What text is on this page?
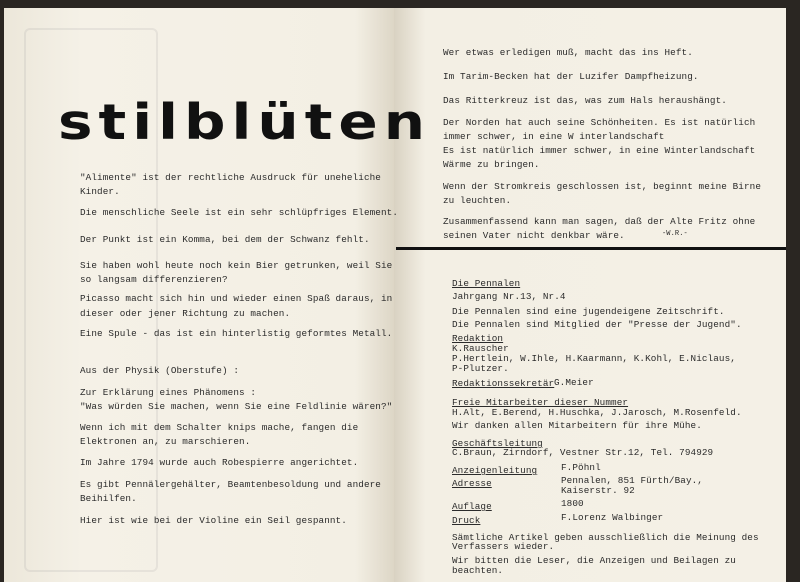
stilblüten
"Alimente" ist der rechtliche Ausdruck für uneheliche
Kinder.
Die menschliche Seele ist ein sehr schlüpfriges Element.
Der Punkt ist ein Komma, bei dem der Schwanz fehlt.
Sie haben wohl heute noch kein Bier getrunken, weil Sie
so langsam differenzieren?
Picasso macht sich hin und wieder einen Spaß daraus, in
dieser oder jener Richtung zu machen.
Eine Spule - das ist ein hinterlistig geformtes Metall.
Aus der Physik (Oberstufe) :
Zur Erklärung eines Phänomens :
"Was würden Sie machen, wenn Sie eine Feldlinie wären?"
Wenn ich mit dem Schalter knips mache, fangen die
Elektronen an, zu marschieren.
Im Jahre 1794 wurde auch Robespierre angerichtet.
Es gibt Pennälergehälter, Beamtenbesoldung und andere
Beihilfen.
Hier ist wie bei der Violine ein Seil gespannt.
Wer etwas erledigen muß, macht das ins Heft.
Im Tarim-Becken hat der Luzifer Dampfheizung.
Das Ritterkreuz ist das, was zum Hals heraushängt.
Der Norden hat auch seine Schönheiten. Es ist natürlich
immer schwer, in eine W interlandschaft
Es ist natürlich immer schwer, in eine Winterlandschaft
Wärme zu bringen.
Wenn der Stromkreis geschlossen ist, beginnt meine Birne
zu leuchten.
Zusammenfassend kann man sagen, daß der Alte Fritz ohne
seinen Vater nicht denkbar wäre.	-W.R.-
Die Pennalen
Jahrgang Nr.13, Nr.4
Die Pennalen sind eine jugendeigene Zeitschrift.
Die Pennalen sind Mitglied der "Presse der Jugend".
Redaktion
K.Rauscher
P.Hertlein, W.Ihle, H.Kaarmann, K.Kohl, E.Niclaus,
P-Plutzer.
Redaktionssekretär G.Meier
Freie Mitarbeiter dieser Nummer
H.Alt, E.Berend, H.Huschka, J.Jarosch, M.Rosenfeld.
Wir danken allen Mitarbeitern für ihre Mühe.
Geschäftsleitung
C.Braun, Zirndorf, Vestner Str.12, Tel. 794929
Anzeigenleitung	F.Pöhnl
Adresse	Pennalen, 851 Fürth/Bay.,
Kaiserstr. 92
Auflage	1800
Druck	F.Lorenz Walbinger
Sämtliche Artikel geben ausschließlich die Meinung des
Verfassers wieder.
Wir bitten die Leser, die Anzeigen und Beilagen zu
beachten.
